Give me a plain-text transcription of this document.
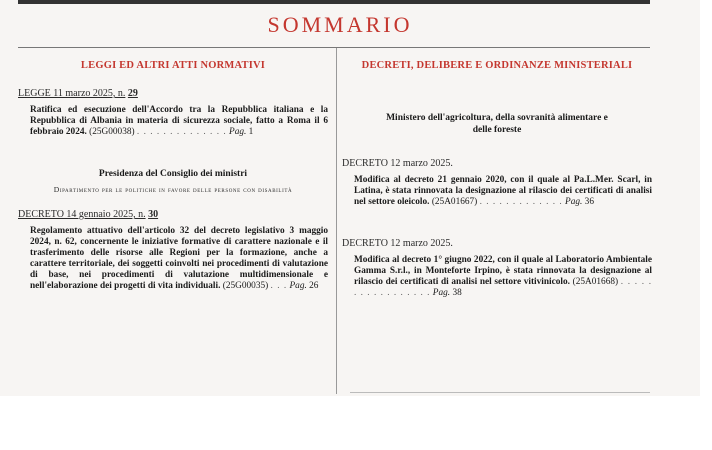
SOMMARIO
LEGGI ED ALTRI ATTI NORMATIVI
LEGGE 11 marzo 2025, n. 29
Ratifica ed esecuzione dell'Accordo tra la Repubblica italiana e la Repubblica di Albania in materia di sicurezza sociale, fatto a Roma il 6 febbraio 2024. (25G00038) . . . . . . . . . . . . . . Pag. 1
Presidenza del Consiglio dei ministri
Dipartimento per le politiche in favore delle persone con disabilità
DECRETO 14 gennaio 2025, n. 30
Regolamento attuativo dell'articolo 32 del decreto legislativo 3 maggio 2024, n. 62, concernente le iniziative formative di carattere nazionale e il trasferimento delle risorse alle Regioni per la formazione, anche a carattere territoriale, dei soggetti coinvolti nei procedimenti di valutazione di base, nei procedimenti di valutazione multidimensionale e nell'elaborazione dei progetti di vita individuali. (25G00035) . . . Pag. 26
DECRETI, DELIBERE E ORDINANZE MINISTERIALI
Ministero dell'agricoltura, della sovranità alimentare e delle foreste
DECRETO 12 marzo 2025.
Modifica al decreto 21 gennaio 2020, con il quale al Pa.L.Mer. Scarl, in Latina, è stata rinnovata la designazione al rilascio dei certificati di analisi nel settore oleicolo. (25A01667) . . . . . . . . . . . . . Pag. 36
DECRETO 12 marzo 2025.
Modifica al decreto 1° giugno 2022, con il quale al Laboratorio Ambientale Gamma S.r.l., in Monteforte Irpino, è stata rinnovata la designazione al rilascio dei certificati di analisi nel settore vitivinicolo. (25A01668) . . . . . . . . . . . . . . . . . Pag. 38
